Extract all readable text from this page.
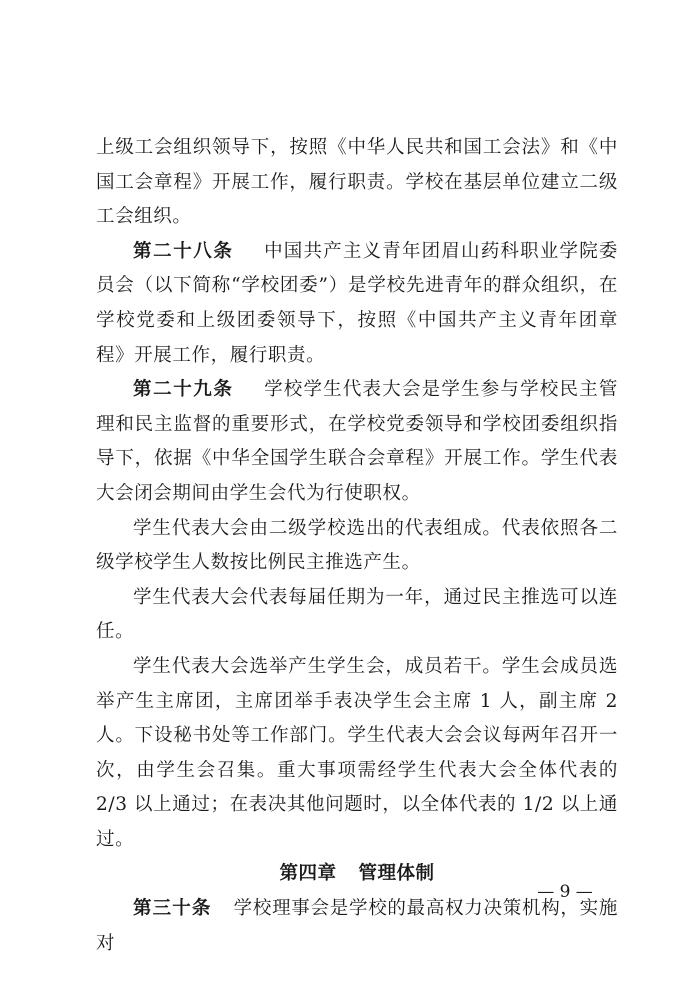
上级工会组织领导下，按照《中华人民共和国工会法》和《中国工会章程》开展工作，履行职责。学校在基层单位建立二级工会组织。

第二十八条 中国共产主义青年团眉山药科职业学院委员会（以下简称“学校团委”）是学校先进青年的群众组织，在学校党委和上级团委领导下，按照《中国共产主义青年团章程》开展工作，履行职责。

第二十九条 学校学生代表大会是学生参与学校民主管理和民主监督的重要形式，在学校党委领导和学校团委组织指导下，依据《中华全国学生联合会章程》开展工作。学生代表大会闭会期间由学生会代为行使职权。

学生代表大会由二级学校选出的代表组成。代表依照各二级学校学生人数按比例民主推选产生。

学生代表大会代表每届任期为一年，通过民主推选可以连任。

学生代表大会选举产生学生会，成员若干。学生会成员选举产生主席团，主席团举手表决学生会主席 1 人，副主席 2 人。下设秘书处等工作部门。学生代表大会会议每两年召开一次，由学生会召集。重大事项需经学生代表大会全体代表的 2/3 以上通过；在表决其他问题时，以全体代表的 1/2 以上通过。

第四章 管理体制

第三十条 学校理事会是学校的最高权力决策机构，实施对

— 9 —
